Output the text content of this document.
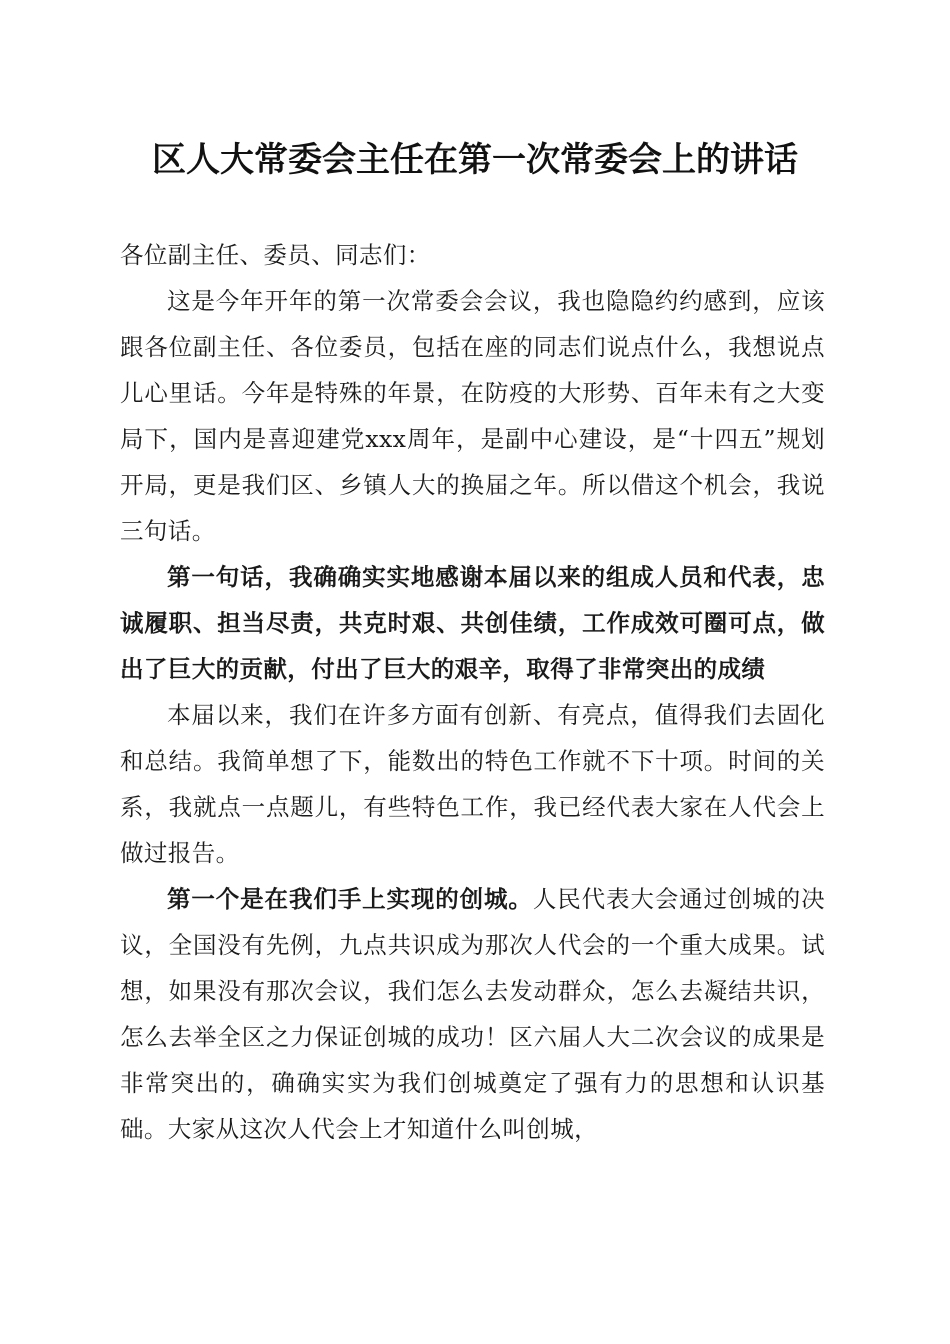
区人大常委会主任在第一次常委会上的讲话

各位副主任、委员、同志们：

这是今年开年的第一次常委会会议，我也隐隐约约感到，应该跟各位副主任、各位委员，包括在座的同志们说点什么，我想说点儿心里话。今年是特殊的年景，在防疫的大形势、百年未有之大变局下，国内是喜迎建党xxx周年，是副中心建设，是“十四五”规划开局，更是我们区、乡镇人大的换届之年。所以借这个机会，我说三句话。

第一句话，我确确实实地感谢本届以来的组成人员和代表，忠诚履职、担当尽责，共克时艰、共创佳绩，工作成效可圈可点，做出了巨大的贡献，付出了巨大的艰辛，取得了非常突出的成绩

本届以来，我们在许多方面有创新、有亮点，值得我们去固化和总结。我简单想了下，能数出的特色工作就不下十项。时间的关系，我就点一点题儿，有些特色工作，我已经代表大家在人代会上做过报告。

第一个是在我们手上实现的创城。人民代表大会通过创城的决议，全国没有先例，九点共识成为那次人代会的一个重大成果。试想，如果没有那次会议，我们怎么去发动群众，怎么去凝结共识，怎么去举全区之力保证创城的成功！区六届人大二次会议的成果是非常突出的，确确实实为我们创城奠定了强有力的思想和认识基础。大家从这次人代会上才知道什么叫创城，
